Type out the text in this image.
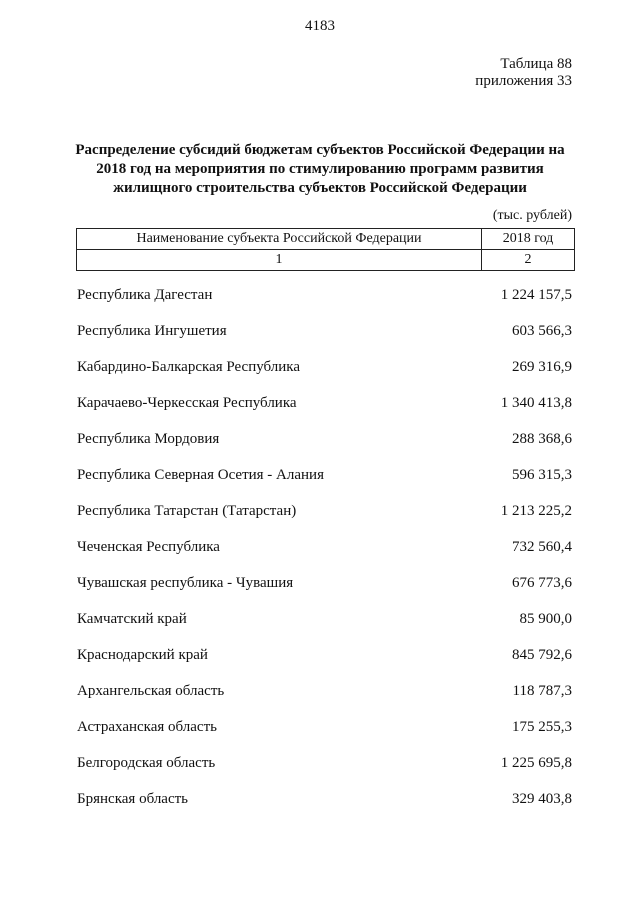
4183
Таблица 88
приложения 33
Распределение субсидий бюджетам субъектов Российской Федерации на 2018 год на мероприятия по стимулированию программ развития жилищного строительства субъектов Российской Федерации
(тыс. рублей)
Наименование субъекта Российской Федерации	2018 год
1	2
Республика Дагестан	1 224 157,5
Республика Ингушетия	603 566,3
Кабардино-Балкарская Республика	269 316,9
Карачаево-Черкесская Республика	1 340 413,8
Республика Мордовия	288 368,6
Республика Северная Осетия - Алания	596 315,3
Республика Татарстан (Татарстан)	1 213 225,2
Чеченская Республика	732 560,4
Чувашская республика - Чувашия	676 773,6
Камчатский край	85 900,0
Краснодарский край	845 792,6
Архангельская область	118 787,3
Астраханская область	175 255,3
Белгородская область	1 225 695,8
Брянская область	329 403,8
